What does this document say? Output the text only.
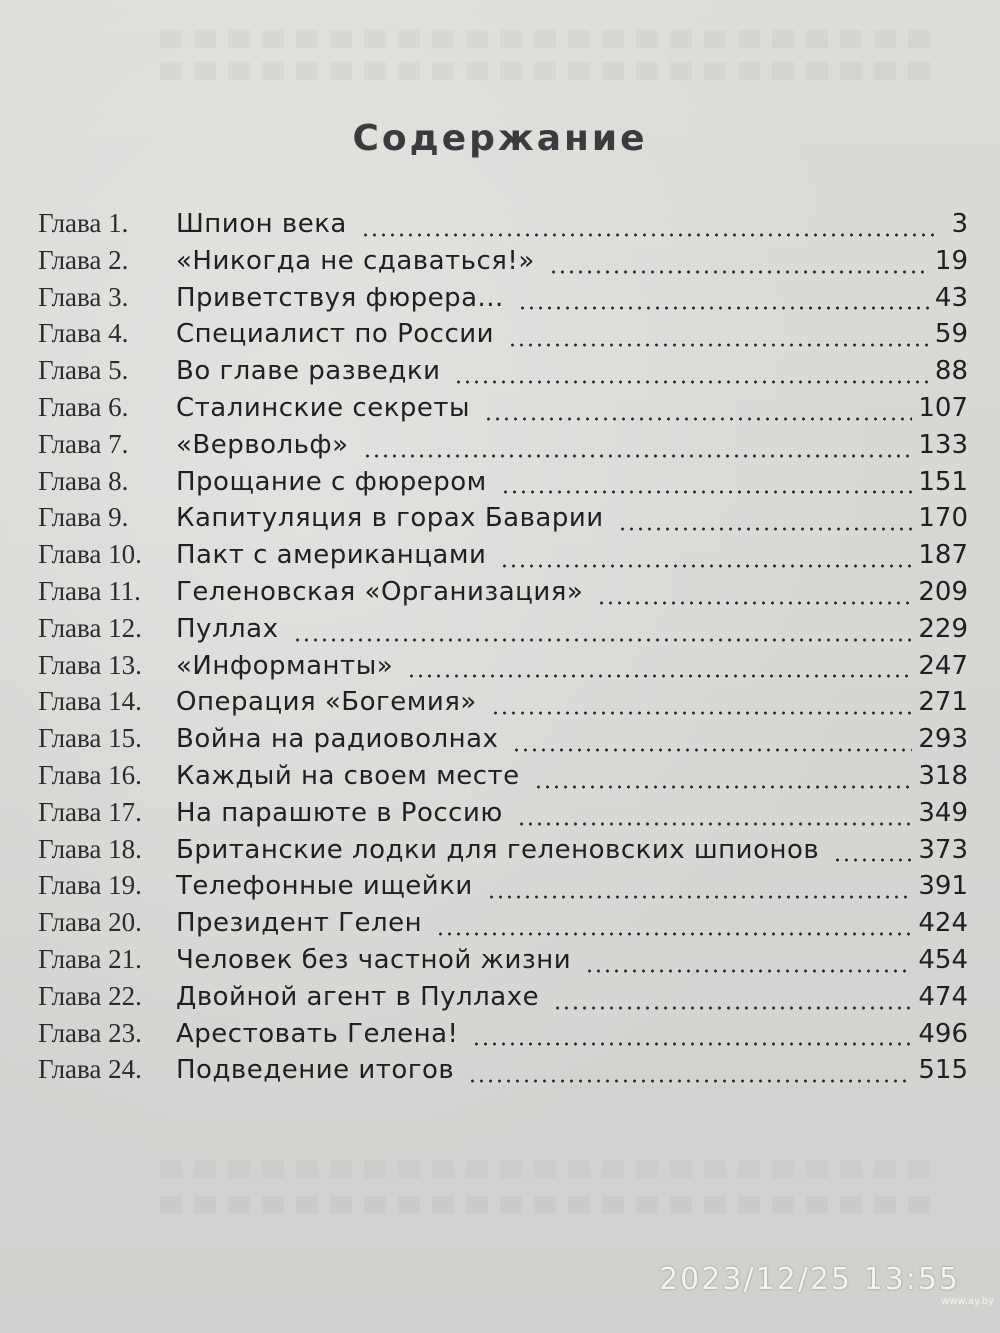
Содержание
Глава 1.	Шпион века	3
Глава 2.	«Никогда не сдаваться!»	19
Глава 3.	Приветствуя фюрера...	43
Глава 4.	Специалист по России	59
Глава 5.	Во главе разведки	88
Глава 6.	Сталинские секреты	107
Глава 7.	«Вервольф»	133
Глава 8.	Прощание с фюрером	151
Глава 9.	Капитуляция в горах Баварии	170
Глава 10.	Пакт с американцами	187
Глава 11.	Геленовская «Организация»	209
Глава 12.	Пуллах	229
Глава 13.	«Информанты»	247
Глава 14.	Операция «Богемия»	271
Глава 15.	Война на радиоволнах	293
Глава 16.	Каждый на своем месте	318
Глава 17.	На парашюте в Россию	349
Глава 18.	Британские лодки для геленовских шпионов	373
Глава 19.	Телефонные ищейки	391
Глава 20.	Президент Гелен	424
Глава 21.	Человек без частной жизни	454
Глава 22.	Двойной агент в Пуллахе	474
Глава 23.	Арестовать Гелена!	496
Глава 24.	Подведение итогов	515
2023/12/25 13:55
www.ay.by
